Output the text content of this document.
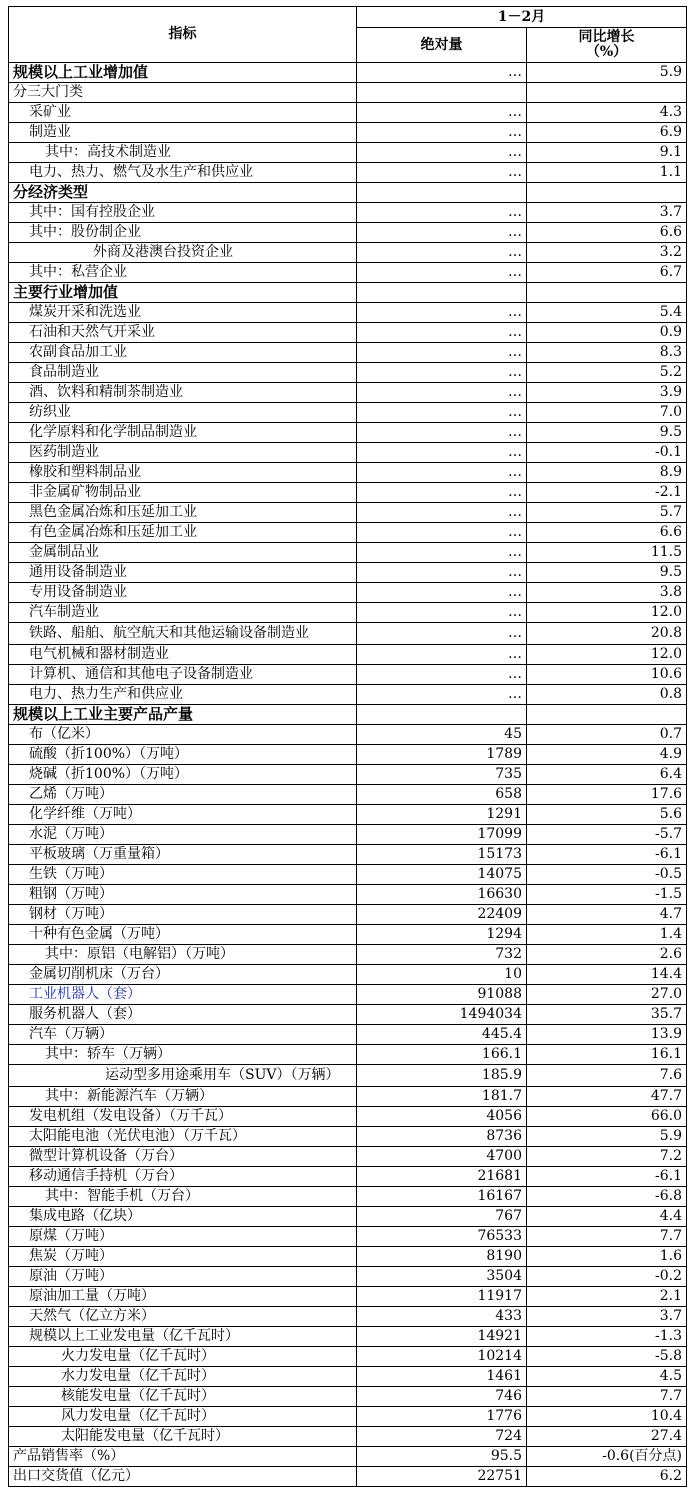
指标	1－2月	
	绝对量	同比增长
（%）
规模以上工业增加值	…	5.9
分三大门类		
采矿业	…	4.3
制造业	…	6.9
其中：高技术制造业	…	9.1
电力、热力、燃气及水生产和供应业	…	1.1
分经济类型		
其中：国有控股企业	…	3.7
其中：股份制企业	…	6.6
外商及港澳台投资企业	…	3.2
其中：私营企业	…	6.7
主要行业增加值		
煤炭开采和洗选业	…	5.4
石油和天然气开采业	…	0.9
农副食品加工业	…	8.3
食品制造业	…	5.2
酒、饮料和精制茶制造业	…	3.9
纺织业	…	7.0
化学原料和化学制品制造业	…	9.5
医药制造业	…	-0.1
橡胶和塑料制品业	…	8.9
非金属矿物制品业	…	-2.1
黑色金属冶炼和压延加工业	…	5.7
有色金属冶炼和压延加工业	…	6.6
金属制品业	…	11.5
通用设备制造业	…	9.5
专用设备制造业	…	3.8
汽车制造业	…	12.0
铁路、船舶、航空航天和其他运输设备制造业	…	20.8
电气机械和器材制造业	…	12.0
计算机、通信和其他电子设备制造业	…	10.6
电力、热力生产和供应业	…	0.8
规模以上工业主要产品产量		
布（亿米）	45	0.7
硫酸（折100%）（万吨）	1789	4.9
烧碱（折100%）（万吨）	735	6.4
乙烯（万吨）	658	17.6
化学纤维（万吨）	1291	5.6
水泥（万吨）	17099	-5.7
平板玻璃（万重量箱）	15173	-6.1
生铁（万吨）	14075	-0.5
粗钢（万吨）	16630	-1.5
钢材（万吨）	22409	4.7
十种有色金属（万吨）	1294	1.4
其中：原铝（电解铝）（万吨）	732	2.6
金属切削机床（万台）	10	14.4
工业机器人（套）	91088	27.0
服务机器人（套）	1494034	35.7
汽车（万辆）	445.4	13.9
其中：轿车（万辆）	166.1	16.1
运动型多用途乘用车（SUV）（万辆）	185.9	7.6
其中：新能源汽车（万辆）	181.7	47.7
发电机组（发电设备）（万千瓦）	4056	66.0
太阳能电池（光伏电池）（万千瓦）	8736	5.9
微型计算机设备（万台）	4700	7.2
移动通信手持机（万台）	21681	-6.1
其中：智能手机（万台）	16167	-6.8
集成电路（亿块）	767	4.4
原煤（万吨）	76533	7.7
焦炭（万吨）	8190	1.6
原油（万吨）	3504	-0.2
原油加工量（万吨）	11917	2.1
天然气（亿立方米）	433	3.7
规模以上工业发电量（亿千瓦时）	14921	-1.3
火力发电量（亿千瓦时）	10214	-5.8
水力发电量（亿千瓦时）	1461	4.5
核能发电量（亿千瓦时）	746	7.7
风力发电量（亿千瓦时）	1776	10.4
太阳能发电量（亿千瓦时）	724	27.4
产品销售率（%）	95.5	-0.6(百分点)
出口交货值（亿元）	22751	6.2
